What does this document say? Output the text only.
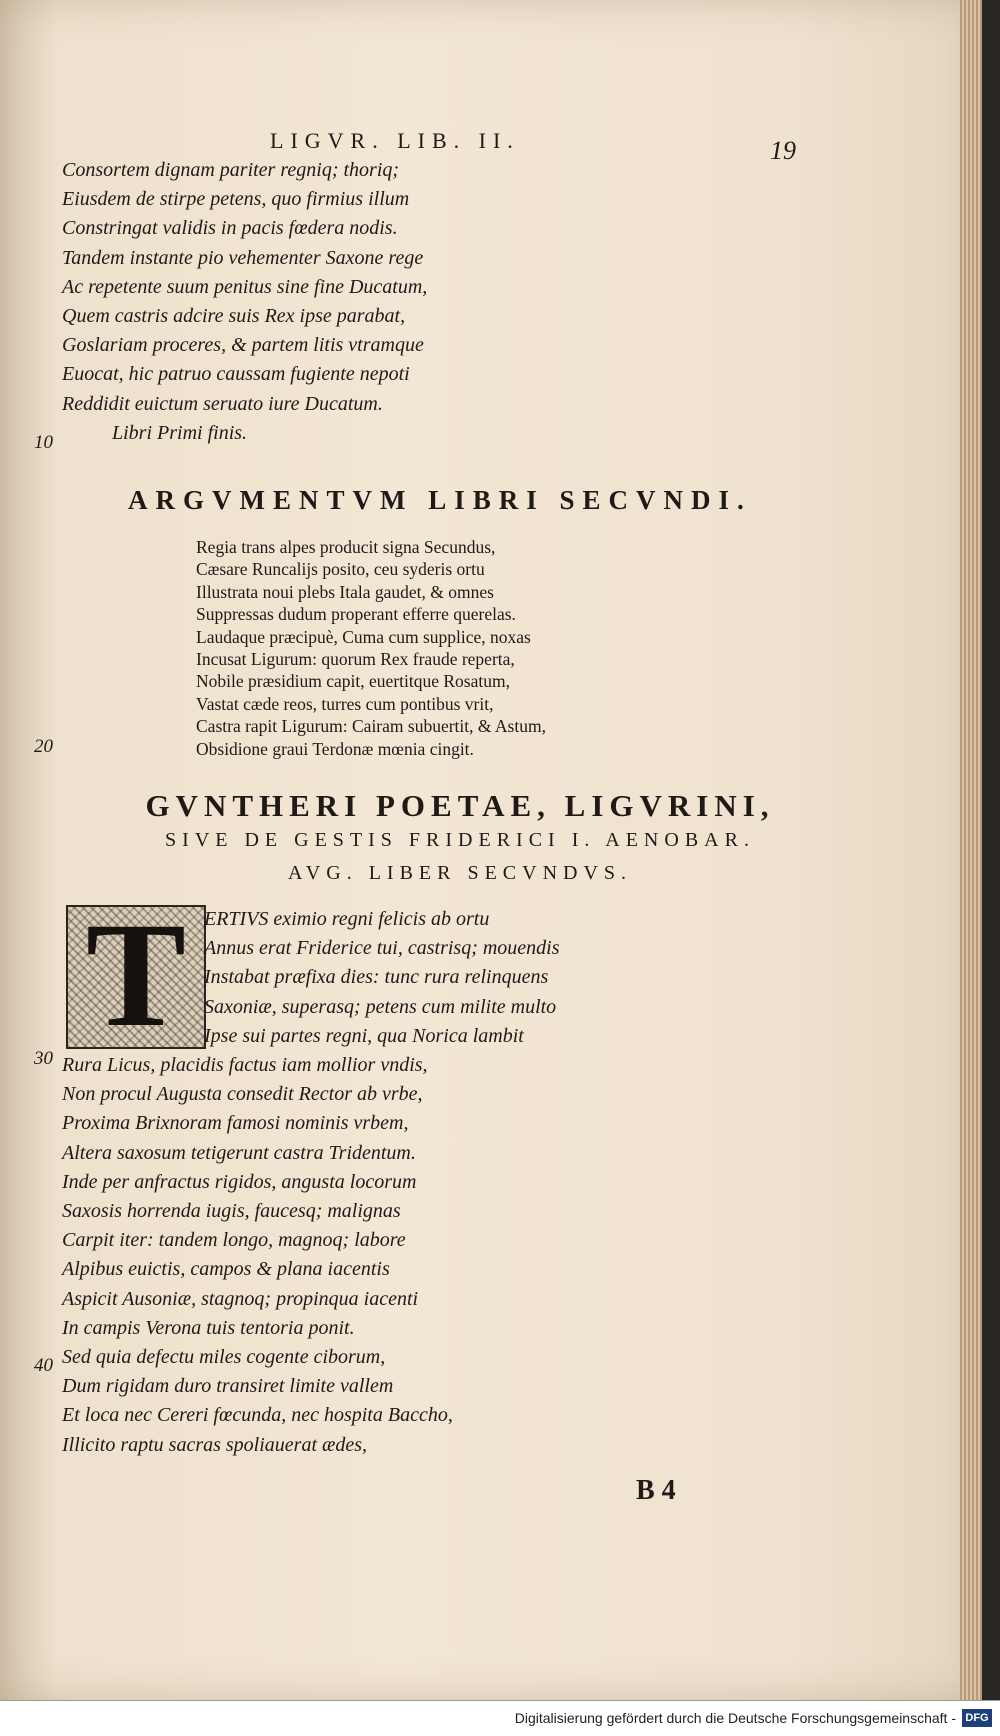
LIGVR. LIB. II.	19
Consortem dignam pariter regniq; thoriq;
Eiusdem de stirpe petens, quo firmius illum
Constringat validis in pacis fœdera nodis.
Tandem instante pio vehementer Saxone rege
Ac repetente suum penitus sine fine Ducatum,
Quem castris adcire suis Rex ipse parabat,
Goslariam proceres, & partem litis vtramque
Euocat, hic patruo caussam fugiente nepoti
Reddidit euictum seruato iure Ducatum.
Libri Primi finis.
10
20
30
40
ARGVMENTVM LIBRI SECVNDI.
Regia trans alpes producit signa Secundus,
Cæsare Runcalijs posito, ceu syderis ortu
Illustrata noui plebs Itala gaudet, & omnes
Suppressas dudum properant efferre querelas.
Laudaque præcipuè, Cuma cum supplice, noxas
Incusat Ligurum: quorum Rex fraude reperta,
Nobile præsidium capit, euertitque Rosatum,
Vastat cæde reos, turres cum pontibus vrit,
Castra rapit Ligurum: Cairam subuertit, & Astum,
Obsidione graui Terdonæ mœnia cingit.
GVNTHERI POETAE, LIGVRINI,
SIVE DE GESTIS FRIDERICI I. AENOBAR.
AVG. LIBER SECVNDVS.
T ERTIVS eximio regni felicis ab ortu
Annus erat Friderice tui, castrisq; mouendis
Instabat præfixa dies: tunc rura relinquens
Saxoniæ, superasq; petens cum milite multo
Ipse sui partes regni, qua Norica lambit
Rura Licus, placidis factus iam mollior vndis,
Non procul Augusta consedit Rector ab vrbe,
Proxima Brixnoram famosi nominis vrbem,
Altera saxosum tetigerunt castra Tridentum.
Inde per anfractus rigidos, angusta locorum
Saxosis horrenda iugis, faucesq; malignas
Carpit iter: tandem longo, magnoq; labore
Alpibus euictis, campos & plana iacentis
Aspicit Ausoniæ, stagnoq; propinqua iacenti
In campis Verona tuis tentoria ponit.
Sed quia defectu miles cogente ciborum,
Dum rigidam duro transiret limite vallem
Et loca nec Cereri fœcunda, nec hospita Baccho,
Illicito raptu sacras spoliauerat ædes,
B 4
Digitalisierung gefördert durch die Deutsche Forschungsgemeinschaft - DFG
